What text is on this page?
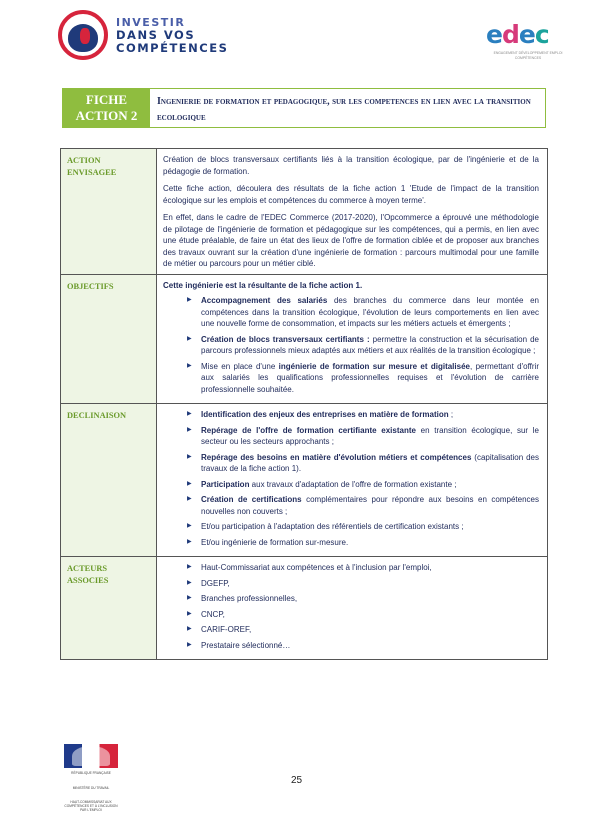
INVESTIR
DANS VOS
COMPÉTENCES	edec
ENGAGEMENT DÉVELOPPEMENT EMPLOI COMPÉTENCES
FICHE ACTION 2
Ingenierie de formation et pedagogique, sur les competences en lien avec la transition ecologique
ACTION ENVISAGEE

Création de blocs transversaux certifiants liés à la transition écologique, par de l'ingénierie et de la pédagogie de formation.

Cette fiche action, découlera des résultats de la fiche action 1 'Etude de l'impact de la transition écologique sur les emplois et compétences du commerce à moyen terme'.

En effet, dans le cadre de l'EDEC Commerce (2017-2020), l'Opcommerce a éprouvé une méthodologie de pilotage de l'ingénierie de formation et pédagogique sur les compétences, qui a permis, en lien avec une étude préalable, de faire un état des lieux de l'offre de formation ciblée et de proposer aux branches des travaux ouvrant sur la création d'une ingénierie de formation : parcours multimodal pour une famille de métier ou parcours pour un métier ciblé.

OBJECTIFS	Cette ingénierie est la résultante de la fiche action 1.
▶ Accompagnement des salariés des branches du commerce dans leur montée en compétences dans la transition écologique, l'évolution de leurs comportements en lien avec une nouvelle forme de consommation, et impacts sur les métiers actuels et émergents ;
▶ Création de blocs transversaux certifiants : permettre la construction et la sécurisation de parcours professionnels mieux adaptés aux métiers et aux réalités de la transition écologique ;
▶ Mise en place d'une ingénierie de formation sur mesure et digitalisée, permettant d'offrir aux salariés les qualifications professionnelles requises et l'évolution de carrière professionnelle souhaitée.
DECLINAISON
▶	Identification des enjeux des entreprises en matière de formation ;
▶ Repérage de l'offre de formation certifiante existante en transition écologique, sur le secteur ou les secteurs approchants ;
▶ Repérage des besoins en matière d'évolution métiers et compétences (capitalisation des travaux de la fiche action 1).
▶ Participation aux travaux d'adaptation de l'offre de formation existante ;
▶ Création de certifications complémentaires pour répondre aux besoins en compétences nouvelles non couverts ;
▶ Et/ou participation à l'adaptation des référentiels de certification existants ;
▶ Et/ou ingénierie de formation sur-mesure.
ACTEURS ASSOCIES
▶ Haut-Commissariat aux compétences et à l'inclusion par l'emploi,
▶ DGEFP,
▶ Branches professionnelles,
▶ CNCP,
▶ CARIF-OREF,
▶ Prestataire sélectionné…
RÉPUBLIQUE FRANÇAISE
MINISTÈRE DU TRAVAIL
HAUT-COMMISSARIAT AUX COMPÉTENCES ET À L'INCLUSION PAR L'EMPLOI
25
